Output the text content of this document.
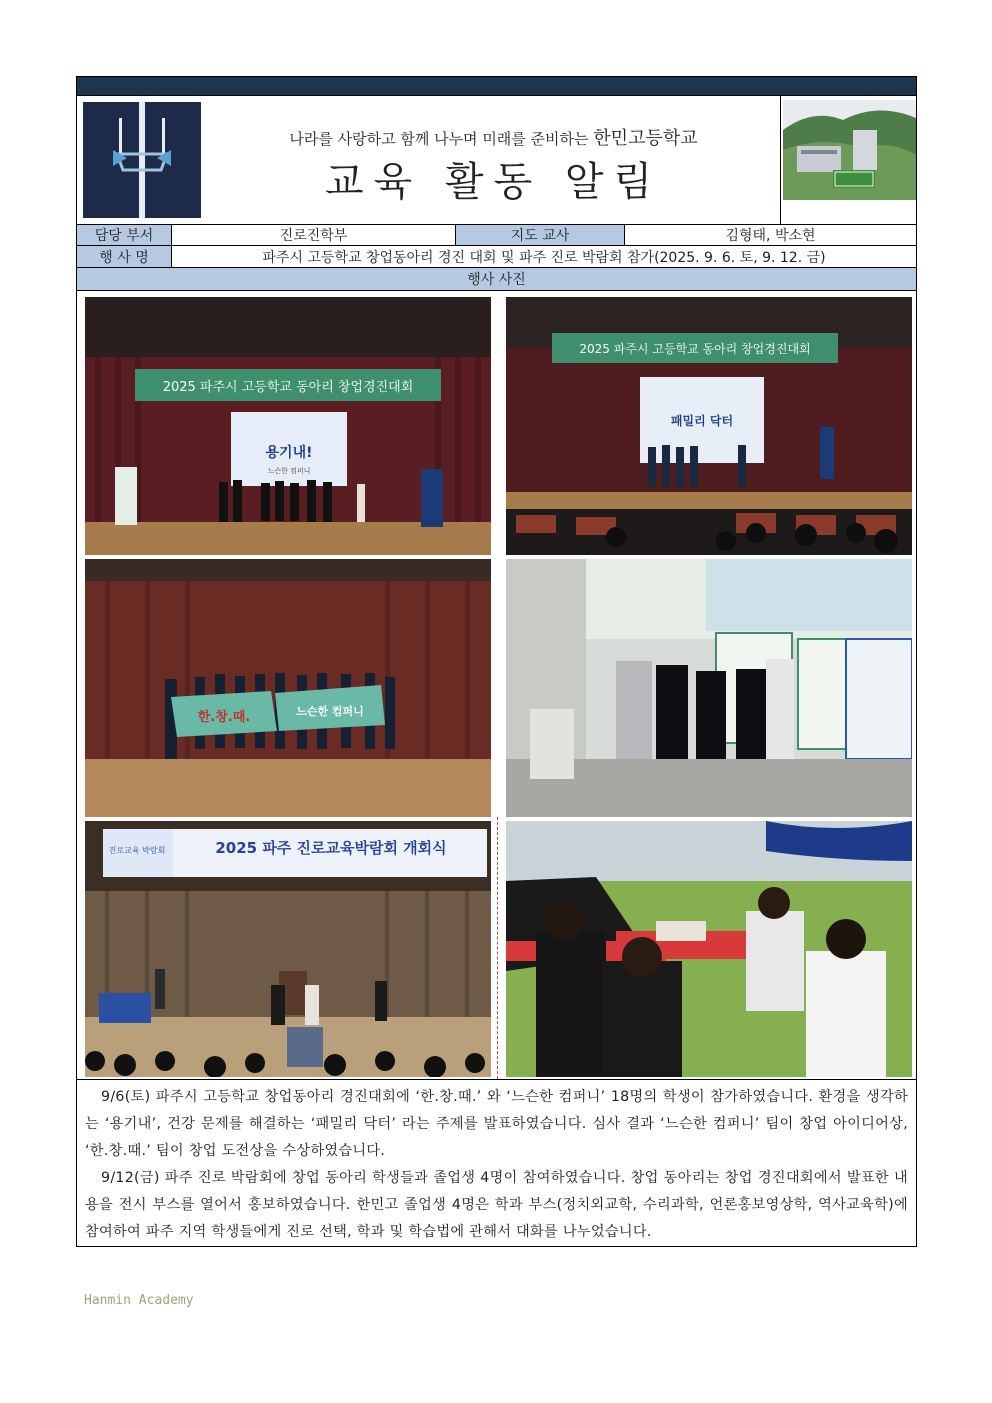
나라를 사랑하고 함께 나누며 미래를 준비하는 한민고등학교
교육 활동 알림
담당 부서	진로진학부	지도 교사	김형태, 박소현
행 사 명	파주시 고등학교 창업동아리 경진 대회 및 파주 진로 박람회 참가(2025. 9. 6. 토, 9. 12. 금)
행사 사진
2025 파주시 고등학교 동아리 창업경진대회
용기내!
느슨한 컴퍼니
2025 파주시 고등학교 동아리 창업경진대회
패밀리 닥터
한.창.때.	느슨한 컴퍼니
진로교육 박람회	2025 파주 진로교육박람회 개회식

9/6(토) 파주시 고등학교 창업동아리 경진대회에 ‘한.창.때.’ 와 ‘느슨한 컴퍼니’ 18명의 학생이 참가하였습니다. 환경을 생각하는 ‘용기내’, 건강 문제를 해결하는 ‘패밀리 닥터’ 라는 주제를 발표하였습니다. 심사 결과 ‘느슨한 컴퍼니’ 팀이 창업 아이디어상, ‘한.창.때.’ 팀이 창업 도전상을 수상하였습니다.

9/12(금) 파주 진로 박람회에 창업 동아리 학생들과 졸업생 4명이 참여하였습니다. 창업 동아리는 창업 경진대회에서 발표한 내용을 전시 부스를 열어서 홍보하였습니다. 한민고 졸업생 4명은 학과 부스(정치외교학, 수리과학, 언론홍보영상학, 역사교육학)에 참여하여 파주 지역 학생들에게 진로 선택, 학과 및 학습법에 관해서 대화를 나누었습니다.

Hanmin Academy
